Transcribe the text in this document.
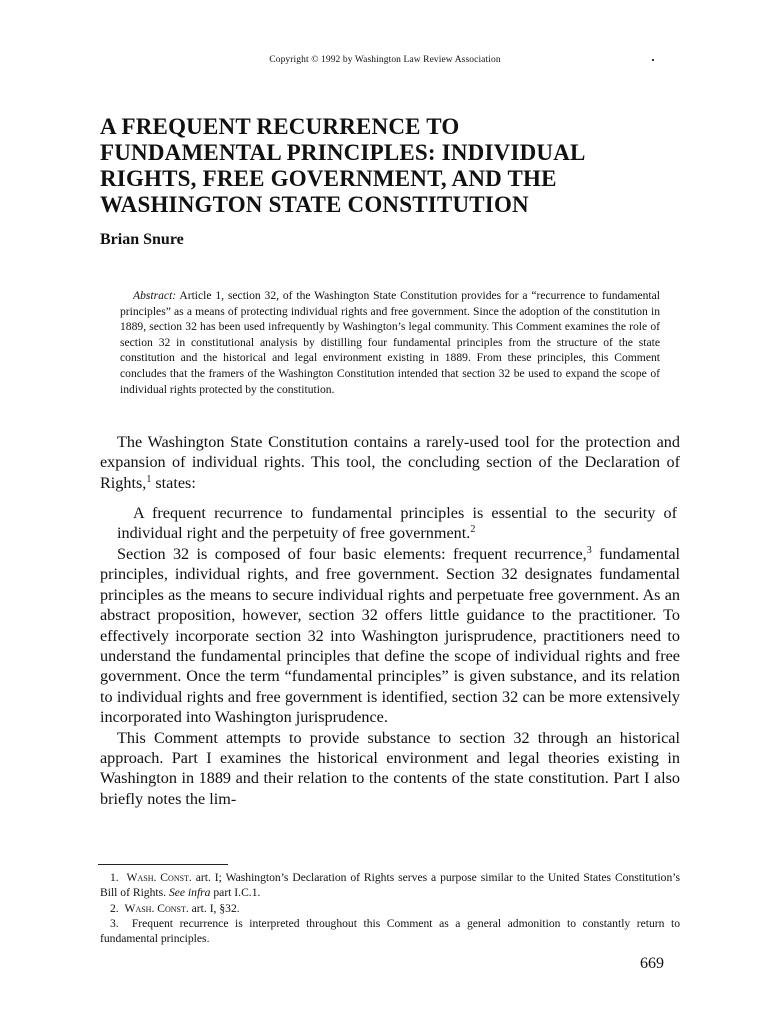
Copyright © 1992 by Washington Law Review Association
A FREQUENT RECURRENCE TO
FUNDAMENTAL PRINCIPLES: INDIVIDUAL
RIGHTS, FREE GOVERNMENT, AND THE
WASHINGTON STATE CONSTITUTION

Brian Snure

Abstract: Article 1, section 32, of the Washington State Constitution provides for a “recurrence to fundamental principles” as a means of protecting individual rights and free government. Since the adoption of the constitution in 1889, section 32 has been used infrequently by Washington’s legal community. This Comment examines the role of section 32 in constitutional analysis by distilling four fundamental principles from the structure of the state constitution and the historical and legal environment existing in 1889. From these principles, this Comment concludes that the framers of the Washington Constitution intended that section 32 be used to expand the scope of individual rights protected by the constitution.

The Washington State Constitution contains a rarely-used tool for the protection and expansion of individual rights. This tool, the concluding section of the Declaration of Rights,$^1$ states:

A frequent recurrence to fundamental principles is essential to the security of individual right and the perpetuity of free government.$^2$

Section 32 is composed of four basic elements: frequent recurrence,$^3$ fundamental principles, individual rights, and free government. Section 32 designates fundamental principles as the means to secure individual rights and perpetuate free government. As an abstract proposition, however, section 32 offers little guidance to the practitioner. To effectively incorporate section 32 into Washington jurisprudence, practitioners need to understand the fundamental principles that define the scope of individual rights and free government. Once the term “fundamental principles” is given substance, and its relation to individual rights and free government is identified, section 32 can be more extensively incorporated into Washington jurisprudence.

This Comment attempts to provide substance to section 32 through an historical approach. Part I examines the historical environment and legal theories existing in Washington in 1889 and their relation to the contents of the state constitution. Part I also briefly notes the lim-

1. Wash. Const. art. I; Washington’s Declaration of Rights serves a purpose similar to the United States Constitution’s Bill of Rights. See infra part I.C.1.

2. Wash. Const. art. I, §32.

3. Frequent recurrence is interpreted throughout this Comment as a general admonition to constantly return to fundamental principles.

669
